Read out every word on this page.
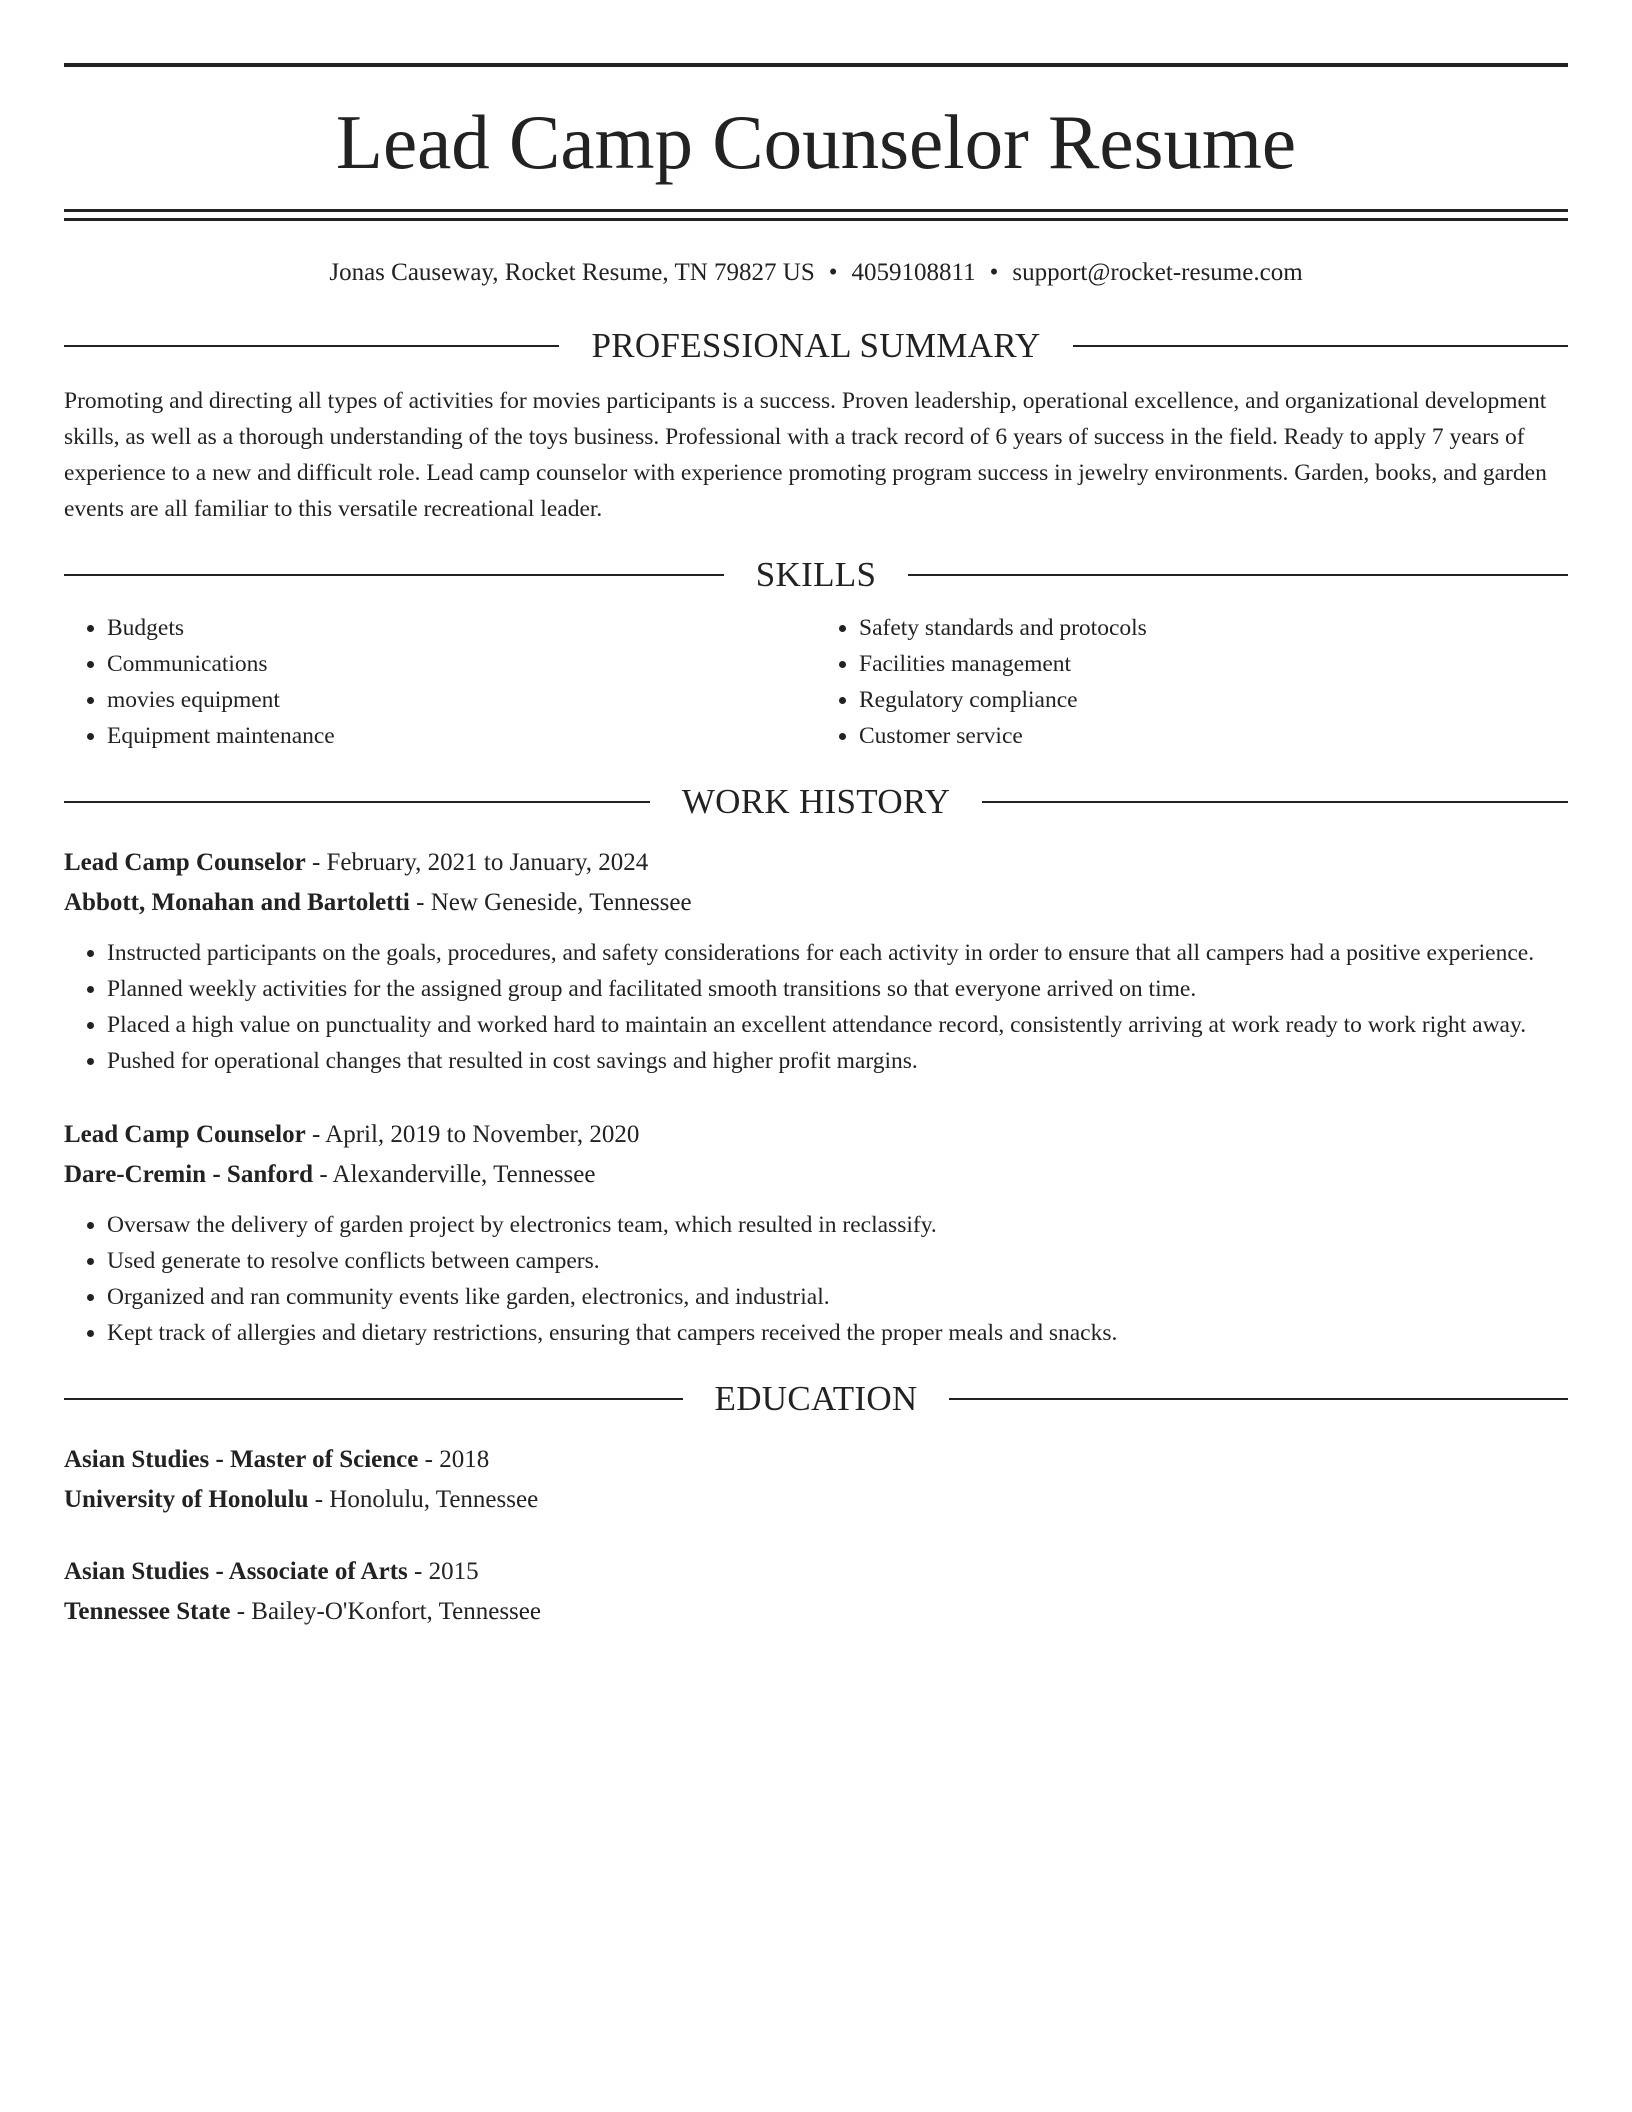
Lead Camp Counselor Resume
Jonas Causeway, Rocket Resume, TN 79827 US • 4059108811 • support@rocket-resume.com
PROFESSIONAL SUMMARY
Promoting and directing all types of activities for movies participants is a success. Proven leadership, operational excellence, and organizational development skills, as well as a thorough understanding of the toys business. Professional with a track record of 6 years of success in the field. Ready to apply 7 years of experience to a new and difficult role. Lead camp counselor with experience promoting program success in jewelry environments. Garden, books, and garden events are all familiar to this versatile recreational leader.
SKILLS
• Budgets
• Communications
• movies equipment
• Equipment maintenance
• Safety standards and protocols
• Facilities management
• Regulatory compliance
• Customer service
WORK HISTORY
Lead Camp Counselor - February, 2021 to January, 2024
Abbott, Monahan and Bartoletti - New Geneside, Tennessee
• Instructed participants on the goals, procedures, and safety considerations for each activity in order to ensure that all campers had a positive experience.
• Planned weekly activities for the assigned group and facilitated smooth transitions so that everyone arrived on time.
• Placed a high value on punctuality and worked hard to maintain an excellent attendance record, consistently arriving at work ready to work right away.
• Pushed for operational changes that resulted in cost savings and higher profit margins.
Lead Camp Counselor - April, 2019 to November, 2020
Dare-Cremin - Sanford - Alexanderville, Tennessee
• Oversaw the delivery of garden project by electronics team, which resulted in reclassify.
• Used generate to resolve conflicts between campers.
• Organized and ran community events like garden, electronics, and industrial.
• Kept track of allergies and dietary restrictions, ensuring that campers received the proper meals and snacks.
EDUCATION
Asian Studies - Master of Science - 2018
University of Honolulu - Honolulu, Tennessee
Asian Studies - Associate of Arts - 2015
Tennessee State - Bailey-O'Konfort, Tennessee
